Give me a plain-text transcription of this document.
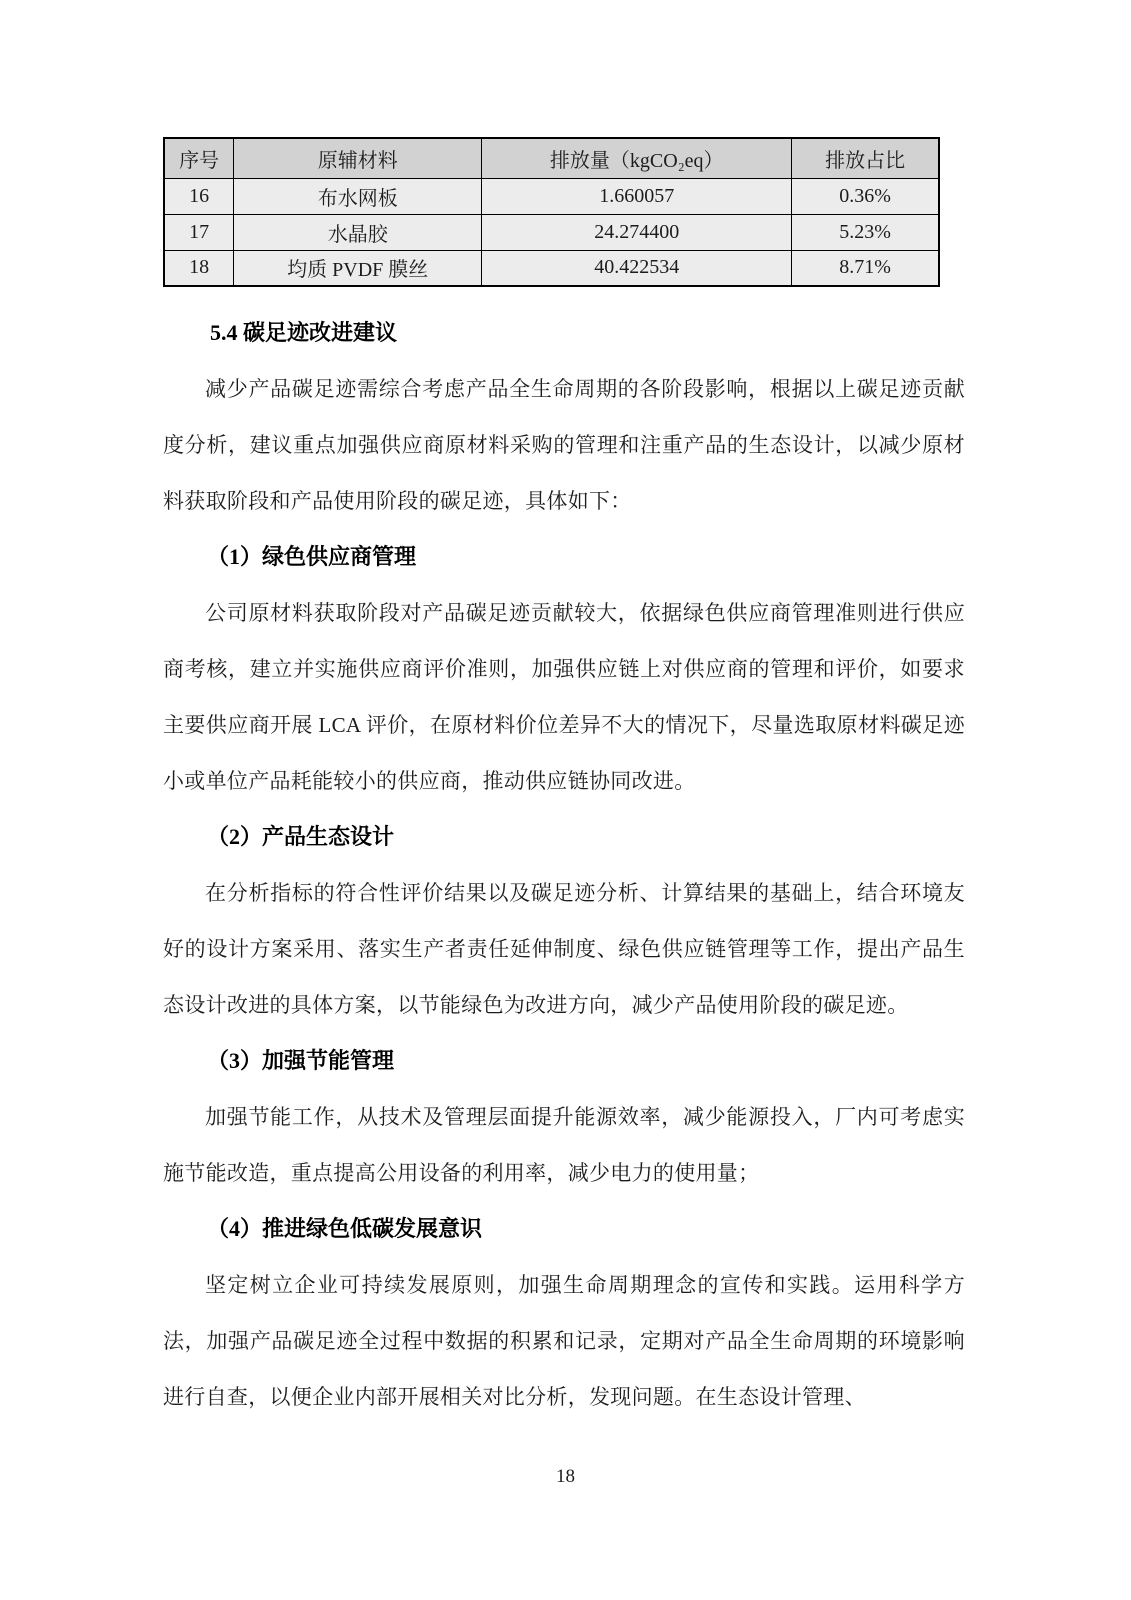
序号	原辅材料	排放量（kgCO₂eq）	排放占比
16	布水网板	1.660057	0.36%
17	水晶胶	24.274400	5.23%
18	均质 PVDF 膜丝	40.422534	8.71%
5.4 碳足迹改进建议

减少产品碳足迹需综合考虑产品全生命周期的各阶段影响，根据以上碳足迹贡献度分析，建议重点加强供应商原材料采购的管理和注重产品的生态设计，以减少原材料获取阶段和产品使用阶段的碳足迹，具体如下：

（1）绿色供应商管理

公司原材料获取阶段对产品碳足迹贡献较大，依据绿色供应商管理准则进行供应商考核，建立并实施供应商评价准则，加强供应链上对供应商的管理和评价，如要求主要供应商开展 LCA 评价，在原材料价位差异不大的情况下，尽量选取原材料碳足迹小或单位产品耗能较小的供应商，推动供应链协同改进。

（2）产品生态设计

在分析指标的符合性评价结果以及碳足迹分析、计算结果的基础上，结合环境友好的设计方案采用、落实生产者责任延伸制度、绿色供应链管理等工作，提出产品生态设计改进的具体方案，以节能绿色为改进方向，减少产品使用阶段的碳足迹。

（3）加强节能管理

加强节能工作，从技术及管理层面提升能源效率，减少能源投入，厂内可考虑实施节能改造，重点提高公用设备的利用率，减少电力的使用量；

（4）推进绿色低碳发展意识

坚定树立企业可持续发展原则，加强生命周期理念的宣传和实践。运用科学方法，加强产品碳足迹全过程中数据的积累和记录，定期对产品全生命周期的环境影响进行自查，以便企业内部开展相关对比分析，发现问题。在生态设计管理、

18
